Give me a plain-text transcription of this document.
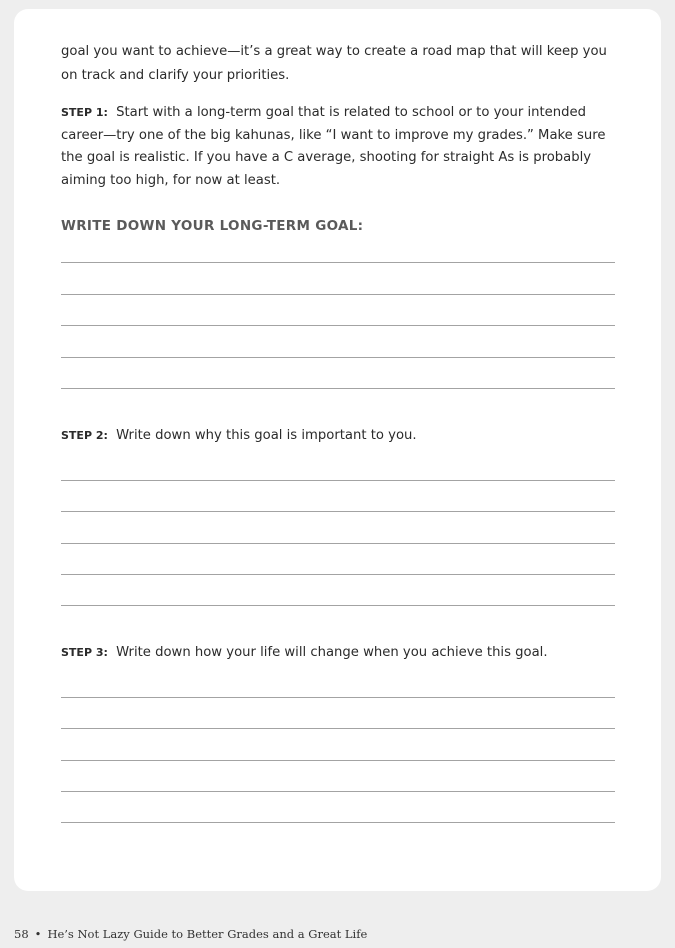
goal you want to achieve—it’s a great way to create a road map that will keep you on track and clarify your priorities.

STEP 1: Start with a long-term goal that is related to school or to your intended career—try one of the big kahunas, like “I want to improve my grades.” Make sure the goal is realistic. If you have a C average, shooting for straight As is probably aiming too high, for now at least.

WRITE DOWN YOUR LONG-TERM GOAL:

STEP 2: Write down why this goal is important to you.

STEP 3: Write down how your life will change when you achieve this goal.

58 • He’s Not Lazy Guide to Better Grades and a Great Life
